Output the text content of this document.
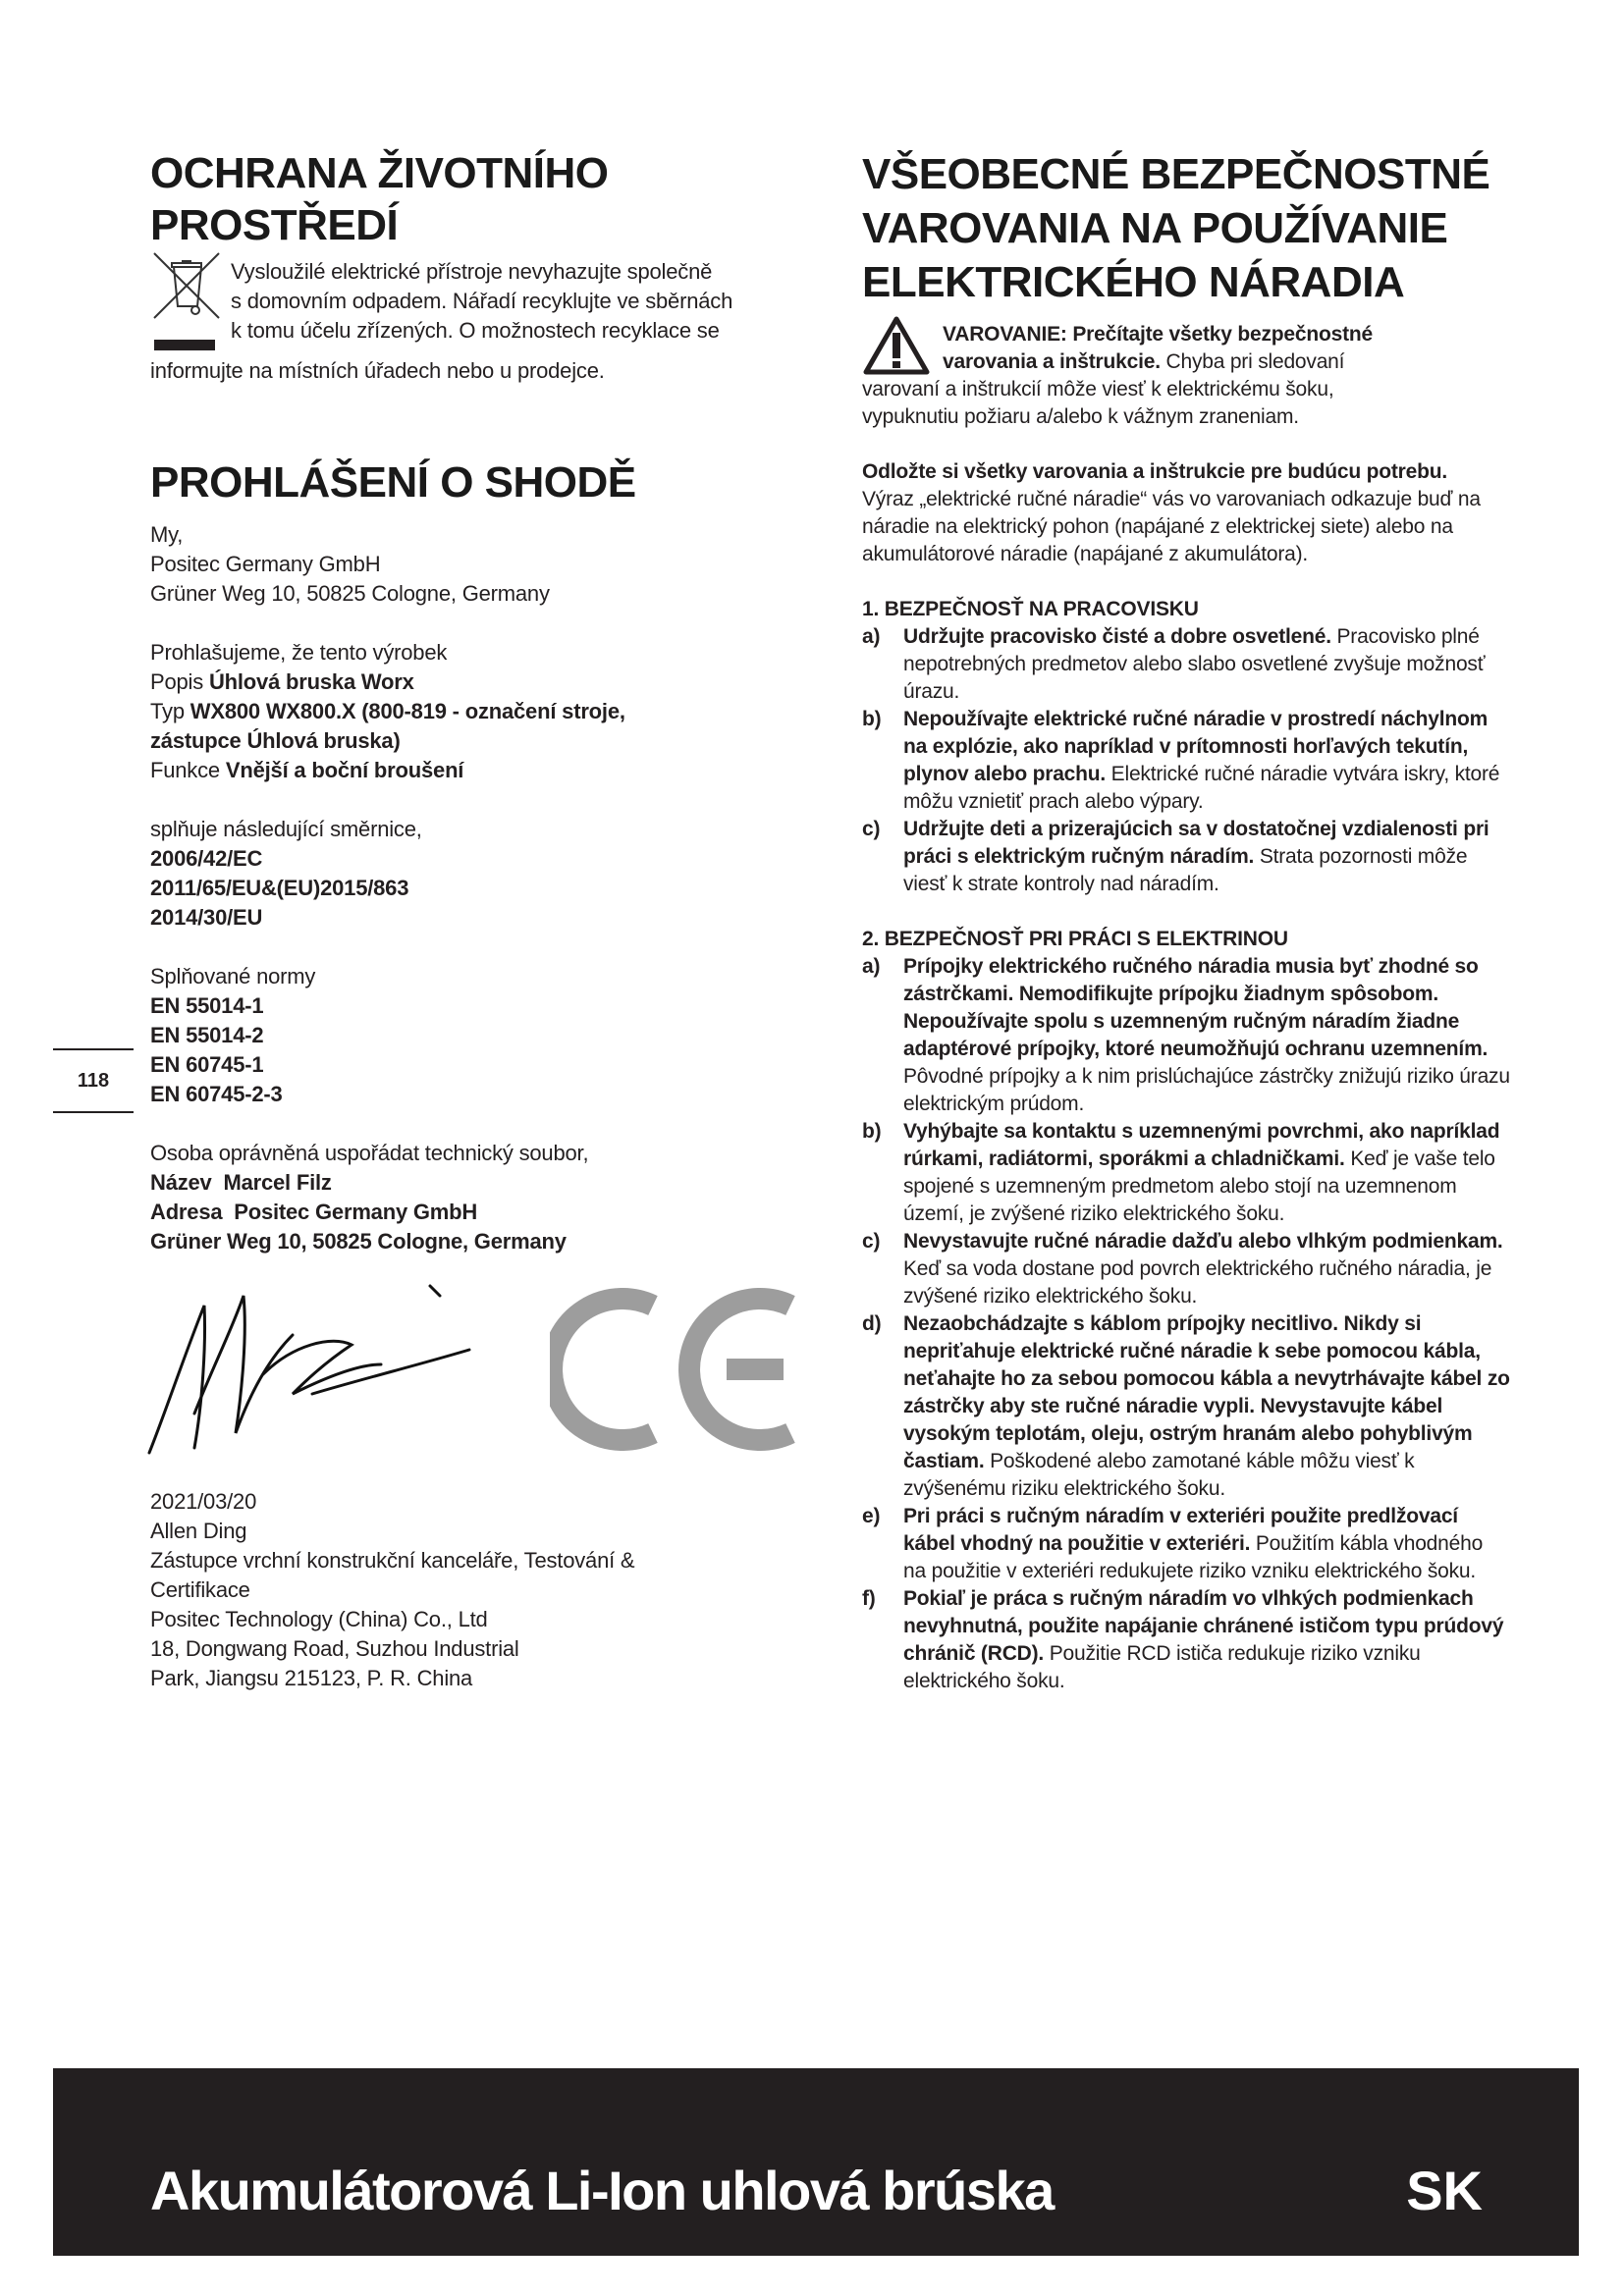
OCHRANA ŽIVOTNÍHO
PROSTŘEDÍ
Vysloužilé elektrické přístroje nevyhazujte společně
s domovním odpadem. Nářadí recyklujte ve sběrnách
k tomu účelu zřízených. O možnostech recyklace se
informujte na místních úřadech nebo u prodejce.
PROHLÁŠENÍ O SHODĚ
My,
Positec Germany GmbH
Grüner Weg 10, 50825 Cologne, Germany
Prohlašujeme, že tento výrobek
Popis Úhlová bruska Worx
Typ WX800 WX800.X (800-819 - označení stroje,
zástupce Úhlová bruska)
Funkce Vnější a boční broušení
splňuje následující směrnice,
2006/42/EC
2011/65/EU&(EU)2015/863
2014/30/EU
Splňované normy
EN 55014-1
EN 55014-2
EN 60745-1
EN 60745-2-3
Osoba oprávněná uspořádat technický soubor,
Název Marcel Filz
Adresa Positec Germany GmbH
Grüner Weg 10, 50825 Cologne, Germany
2021/03/20
Allen Ding
Zástupce vrchní konstrukční kanceláře, Testování &
Certifikace
Positec Technology (China) Co., Ltd
18, Dongwang Road, Suzhou Industrial
Park, Jiangsu 215123, P. R. China
118
VŠEOBECNÉ BEZPEČNOSTNÉ
VAROVANIA NA POUŽÍVANIE
ELEKTRICKÉHO NÁRADIA
VAROVANIE: Prečítajte všetky bezpečnostné
varovania a inštrukcie. Chyba pri sledovaní
varovaní a inštrukcií môže viesť k elektrickému šoku,
vypuknutiu požiaru a/alebo k vážnym zraneniam.
Odložte si všetky varovania a inštrukcie pre budúcu potrebu.
Výraz „elektrické ručné náradie“ vás vo varovaniach odkazuje buď na náradie na elektrický pohon (napájané z elektrickej siete) alebo na akumulátorové náradie (napájané z akumulátora).
1. BEZPEČNOSŤ NA PRACOVISKU
a) Udržujte pracovisko čisté a dobre osvetlené. Pracovisko plné nepotrebných predmetov alebo slabo osvetlené zvyšuje možnosť úrazu.
b) Nepoužívajte elektrické ručné náradie v prostredí náchylnom na explózie, ako napríklad v prítomnosti horľavých tekutín, plynov alebo prachu. Elektrické ručné náradie vytvára iskry, ktoré môžu vznietiť prach alebo výpary.
c) Udržujte deti a prizerajúcich sa v dostatočnej vzdialenosti pri práci s elektrickým ručným náradím. Strata pozornosti môže viesť k strate kontroly nad náradím.
2. BEZPEČNOSŤ PRI PRÁCI S ELEKTRINOU
a) Prípojky elektrického ručného náradia musia byť zhodné so zástrčkami. Nemodifikujte prípojku žiadnym spôsobom. Nepoužívajte spolu s uzemneným ručným náradím žiadne adaptérové prípojky, ktoré neumožňujú ochranu uzemnením. Pôvodné prípojky a k nim prislúchajúce zástrčky znižujú riziko úrazu elektrickým prúdom.
b) Vyhýbajte sa kontaktu s uzemnenými povrchmi, ako napríklad rúrkami, radiátormi, sporákmi a chladničkami. Keď je vaše telo spojené s uzemneným predmetom alebo stojí na uzemnenom území, je zvýšené riziko elektrického šoku.
c) Nevystavujte ručné náradie dažďu alebo vlhkým podmienkam. Keď sa voda dostane pod povrch elektrického ručného náradia, je zvýšené riziko elektrického šoku.
d) Nezaobchádzajte s káblom prípojky necitlivo. Nikdy si nepriťahuje elektrické ručné náradie k sebe pomocou kábla, neťahajte ho za sebou pomocou kábla a nevytrhávajte kábel zo zástrčky aby ste ručné náradie vypli. Nevystavujte kábel vysokým teplotám, oleju, ostrým hranám alebo pohyblivým častiam. Poškodené alebo zamotané káble môžu viesť k zvýšenému riziku elektrického šoku.
e) Pri práci s ručným náradím v exteriéri použite predlžovací kábel vhodný na použitie v exteriéri. Použitím kábla vhodného na použitie v exteriéri redukujete riziko vzniku elektrického šoku.
f) Pokiaľ je práca s ručným náradím vo vlhkých podmienkach nevyhnutná, použite napájanie chránené ističom typu prúdový chránič (RCD). Použitie RCD ističa redukuje riziko vzniku elektrického šoku.
Akumulátorová Li-Ion uhlová brúska	SK
